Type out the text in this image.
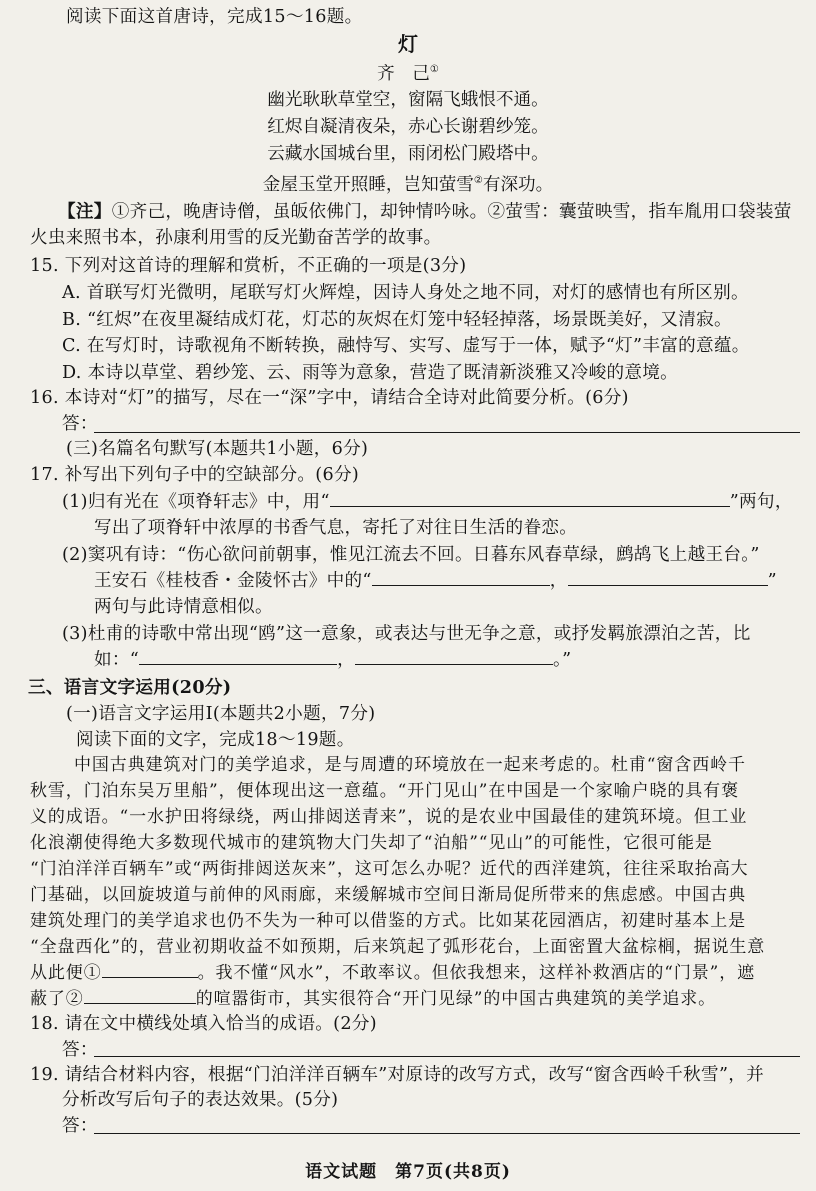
阅读下面这首唐诗，完成15～16题。
灯
齐　己①
幽光耿耿草堂空，窗隔飞蛾恨不通。
红烬自凝清夜朵，赤心长谢碧纱笼。
云藏水国城台里，雨闭松门殿塔中。
金屋玉堂开照睡，岂知萤雪②有深功。
【注】①齐己，晚唐诗僧，虽皈依佛门，却钟情吟咏。②萤雪：囊萤映雪，指车胤用口袋装萤
火虫来照书本，孙康利用雪的反光勤奋苦学的故事。
15. 下列对这首诗的理解和赏析，不正确的一项是(3分)
A. 首联写灯光微明，尾联写灯火辉煌，因诗人身处之地不同，对灯的感情也有所区别。
B. “红烬”在夜里凝结成灯花，灯芯的灰烬在灯笼中轻轻掉落，场景既美好，又清寂。
C. 在写灯时，诗歌视角不断转换，融恃写、实写、虚写于一体，赋予“灯”丰富的意蕴。
D. 本诗以草堂、碧纱笼、云、雨等为意象，营造了既清新淡雅又冷峻的意境。
16. 本诗对“灯”的描写，尽在一“深”字中，请结合全诗对此简要分析。(6分)
答：
(三)名篇名句默写(本题共1小题，6分)
17. 补写出下列句子中的空缺部分。(6分)
(1)归有光在《项脊轩志》中，用“	”两句，
写出了项脊轩中浓厚的书香气息，寄托了对往日生活的眷恋。
(2)窦巩有诗：“伤心欲问前朝事，惟见江流去不回。日暮东风春草绿，鹧鸪飞上越王台。”
王安石《桂枝香・金陵怀古》中的“	，	”
两句与此诗情意相似。
(3)杜甫的诗歌中常出现“鸥”这一意象，或表达与世无争之意，或抒发羁旅漂泊之苦，比
如：“	，	。”
三、语言文字运用(20分)
(一)语言文字运用Ⅰ(本题共2小题，7分)
阅读下面的文字，完成18～19题。
中国古典建筑对门的美学追求，是与周遭的环境放在一起来考虑的。杜甫“窗含西岭千
秋雪，门泊东吴万里船”，便体现出这一意蕴。“开门见山”在中国是一个家喻户晓的具有褒
义的成语。“一水护田将绿绕，两山排闼送青来”，说的是农业中国最佳的建筑环境。但工业
化浪潮使得绝大多数现代城市的建筑物大门失却了“泊船”“见山”的可能性，它很可能是
“门泊洋洋百辆车”或“两街排闼送灰来”，这可怎么办呢？近代的西洋建筑，往往采取抬高大
门基础，以回旋坡道与前伸的风雨廊，来缓解城市空间日渐局促所带来的焦虑感。中国古典
建筑处理门的美学追求也仍不失为一种可以借鉴的方式。比如某花园酒店，初建时基本上是
“全盘西化”的，营业初期收益不如预期，后来筑起了弧形花台，上面密置大盆棕榈，据说生意
从此便①	。我不懂“风水”，不敢率议。但依我想来，这样补救酒店的“门景”，遮
蔽了②	的喧嚣街市，其实很符合“开门见绿”的中国古典建筑的美学追求。
18. 请在文中横线处填入恰当的成语。(2分)
答：
19. 请结合材料内容，根据“门泊洋洋百辆车”对原诗的改写方式，改写“窗含西岭千秋雪”，并
分析改写后句子的表达效果。(5分)
答：
语文试题　第7页(共8页)
